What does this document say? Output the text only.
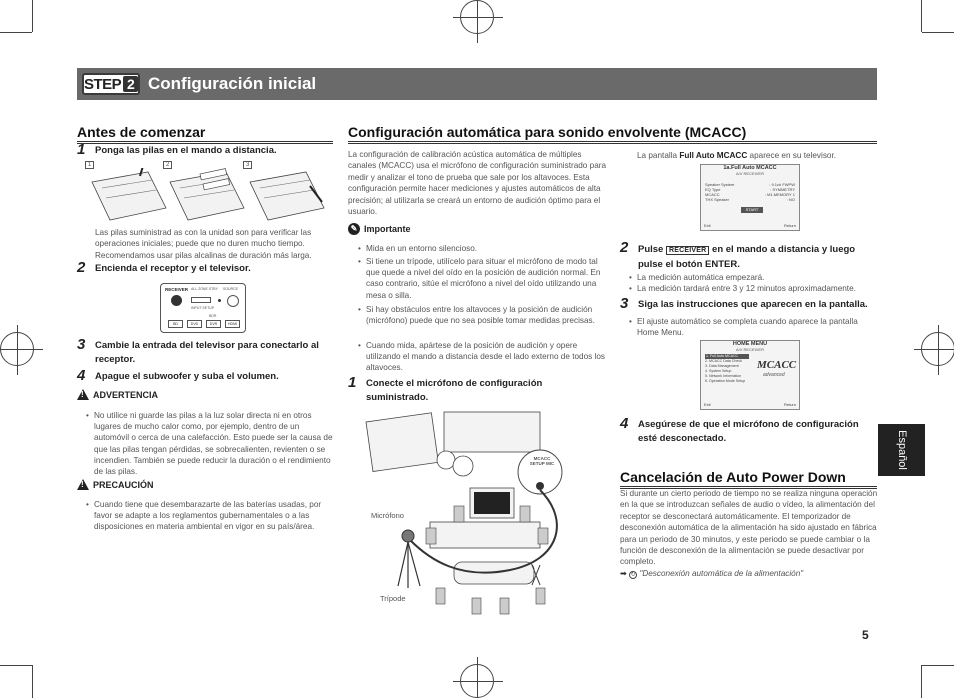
STEP 2 Configuración inicial
Antes de comenzar
1 Ponga las pilas en el mando a distancia.
1	2	3
Las pilas suministrad as con la unidad son para verificar las operaciones iniciales; puede que no duren mucho tiempo. Recomendamos usar pilas alcalinas de duración más larga.
2 Encienda el receptor y el televisor.
RECEIVER ALL ZONE STBY SOURCE
INPUT SETUP
BDR
BD	DVD	DVR	HDMI
3 Cambie la entrada del televisor para conectarlo al receptor.
4 Apague el subwoofer y suba el volumen.
! ADVERTENCIA
• No utilice ni guarde las pilas a la luz solar directa ni en otros lugares de mucho calor como, por ejemplo, dentro de un automóvil o cerca de una calefacción. Esto puede ser la causa de que las pilas tengan pérdidas, se sobrecalienten, revienten o se incendien. También se puede reducir la duración o el rendimiento de las pilas.
! PRECAUCIÓN
• Cuando tiene que desembarazarte de las baterías usadas, por favor se adapte a los reglamentos gubernamentales o a las disposiciones en materia ambiental en vigor en su país/área.
Configuración automática para sonido envolvente (MCACC)
La configuración de calibración acústica automática de múltiples canales (MCACC) usa el micrófono de configuración suministrado para medir y analizar el tono de prueba que sale por los altavoces. Esta configuración permite hacer mediciones y ajustes automáticos de alta precisión; al utilizarla se creará un entorno de audición óptimo para el usuario.
✎ Importante
• Mida en un entorno silencioso.
• Si tiene un trípode, utilícelo para situar el micrófono de modo tal que quede a nivel del oído en la posición de audición normal. En caso contrario, sitúe el micrófono a nivel del oído utilizando una mesa o silla.
• Si hay obstáculos entre los altavoces y la posición de audición (micrófono) puede que no sea posible tomar medidas precisas.
• Cuando mida, apártese de la posición de audición y opere utilizando el mando a distancia desde el lado externo de todos los altavoces.
1 Conecte el micrófono de configuración suministrado.
MCACC SETUP MIC
Micrófono
Trípode
La pantalla Full Auto MCACC aparece en su televisor.
1a.Full Auto MCACC
A/V RECEIVER
Speaker System	: 9.1ch FWPW
EQ Type	: SYMMETRY
MCACC	: M1.MEMORY 1
THX Speaker	: NO
START
Exit	Return
2 Pulse RECEIVER en el mando a distancia y luego pulse el botón ENTER.
• La medición automática empezará.
• La medición tardará entre 3 y 12 minutos aproximadamente.
3 Siga las instrucciones que aparecen en la pantalla.
• El ajuste automático se completa cuando aparece la pantalla Home Menu.
HOME MENU
A/V RECEIVER
1. Full Auto MCACC
2. MCACC Data Check
3. Data Management
4. System Setup
5. Network Information
6. Operation Mode Setup
MCACC
advanced
Exit	Return
4 Asegúrese de que el micrófono de configuración esté desconectado.
Cancelación de Auto Power Down
Si durante un cierto periodo de tiempo no se realiza ninguna operación en la que se introduzcan señales de audio o vídeo, la alimentación del receptor se desconectará automáticamente. El temporizador de desconexión automática de la alimentación ha sido ajustado en fábrica para un periodo de 30 minutos, y este periodo se puede cambiar o la función de desconexión de la alimentación se puede desactivar por completo.
➡ ↻ "Desconexión automática de la alimentación"
Español
5
